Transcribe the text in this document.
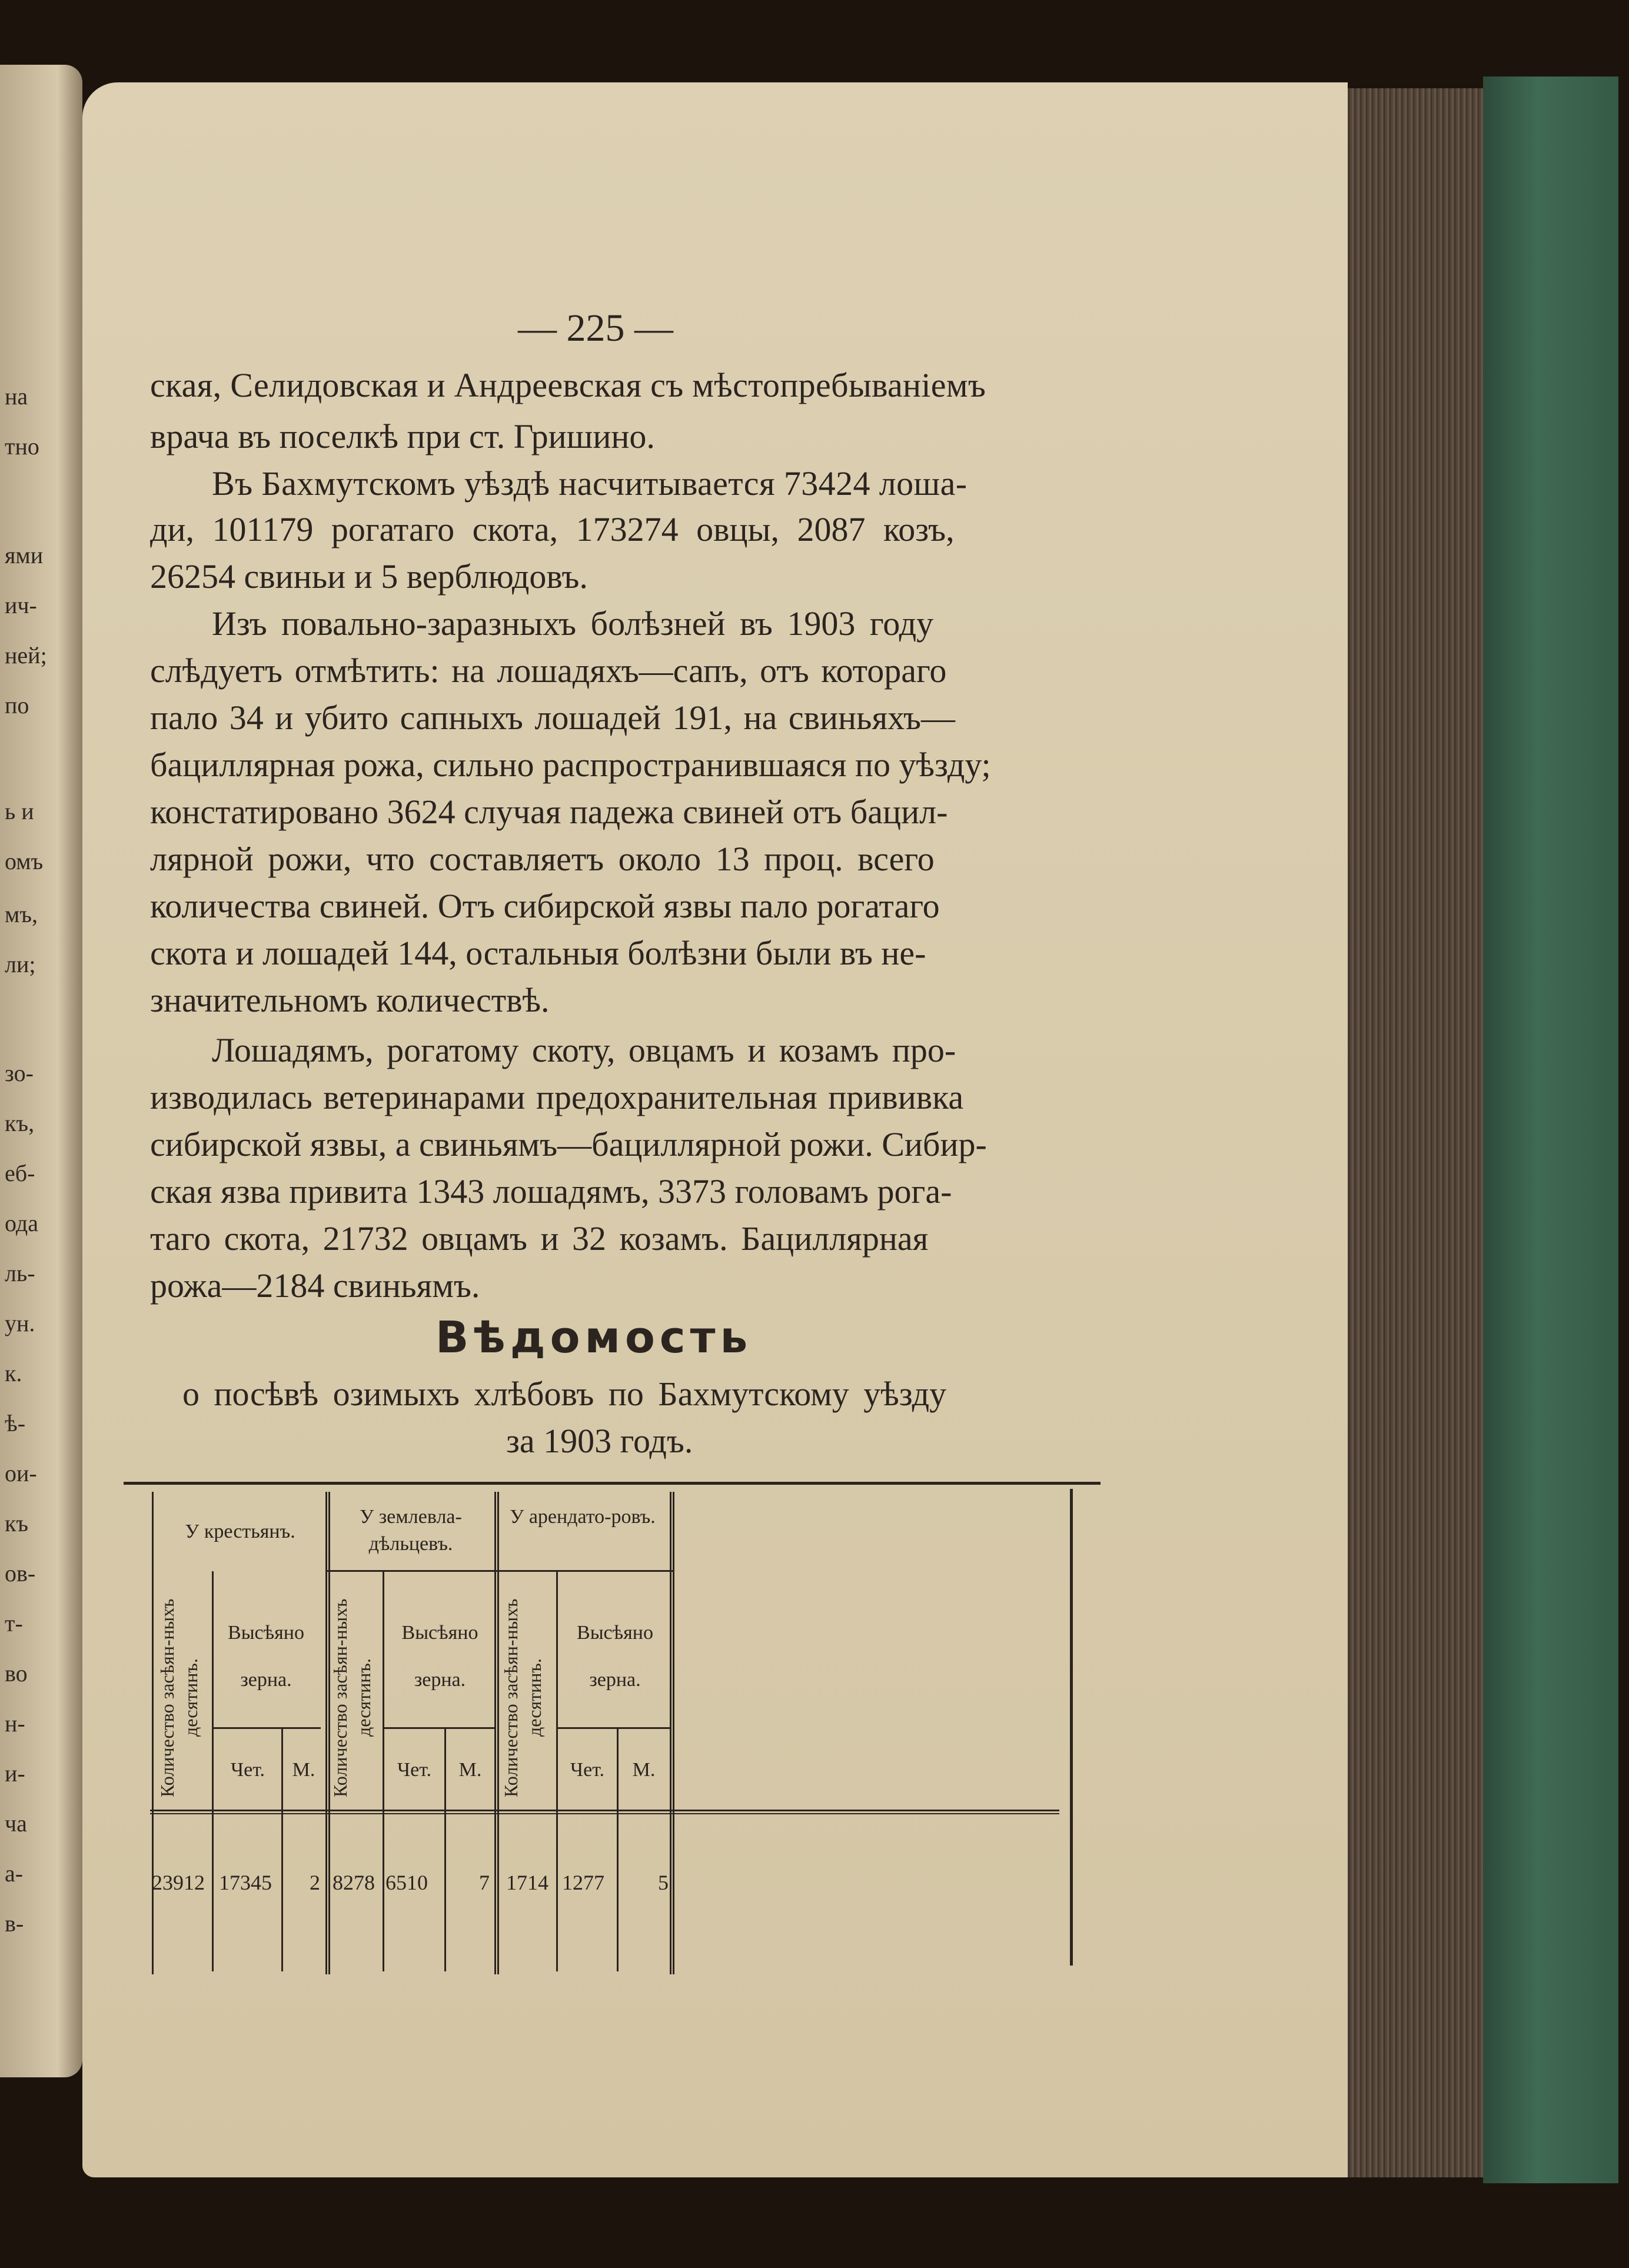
на

тно

ями

ич-

ней;

по

ь и

омъ

мъ,

ли;

зо-

къ,

еб-

ода

ль-

ун.

к.

ѣ-

ои-

къ

ов-

т-

во

н-

и-

ча

а-

в-

— 225 —

ская, Селидовская и Андреевская съ мѣстопребываніемъ

врача въ поселкѣ при ст. Гришино.

Въ Бахмутскомъ уѣздѣ насчитывается 73424 лоша-

ди, 101179 рогатаго скота, 173274 овцы, 2087 козъ,

26254 свиньи и 5 верблюдовъ.

Изъ повально-заразныхъ болѣзней въ 1903 году

слѣдуетъ отмѣтить: на лошадяхъ—сапъ, отъ котораго

пало 34 и убито сапныхъ лошадей 191, на свиньяхъ—

бациллярная рожа, сильно распространившаяся по уѣзду;

констатировано 3624 случая падежа свиней отъ бацил-

лярной рожи, что составляетъ около 13 проц. всего

количества свиней. Отъ сибирской язвы пало рогатаго

скота и лошадей 144, остальныя болѣзни были въ не-

значительномъ количествѣ.

Лошадямъ, рогатому скоту, овцамъ и козамъ про-

изводилась ветеринарами предохранительная прививка

сибирской язвы, а свиньямъ—бациллярной рожи. Сибир-

ская язва привита 1343 лошадямъ, 3373 головамъ рога-

таго скота, 21732 овцамъ и 32 козамъ. Бациллярная

рожа—2184 свиньямъ.

Вѣдомость

о посѣвѣ озимыхъ хлѣбовъ по Бахмутскому уѣзду

за 1903 годъ.

У крестьянъ.

У землевла-дѣльцевъ.

У арендато-ровъ.

Количество засѣян-ныхъ десятинъ.	Количество засѣян-ныхъ десятинъ.	Количество засѣян-ныхъ десятинъ.

Высѣяно зерна.

Высѣяно зерна.

Высѣяно зерна.

Чет.	М.	Чет.	М.	Чет.	М.

23912 17345 2 8278 6510 7 1714 1277	5
